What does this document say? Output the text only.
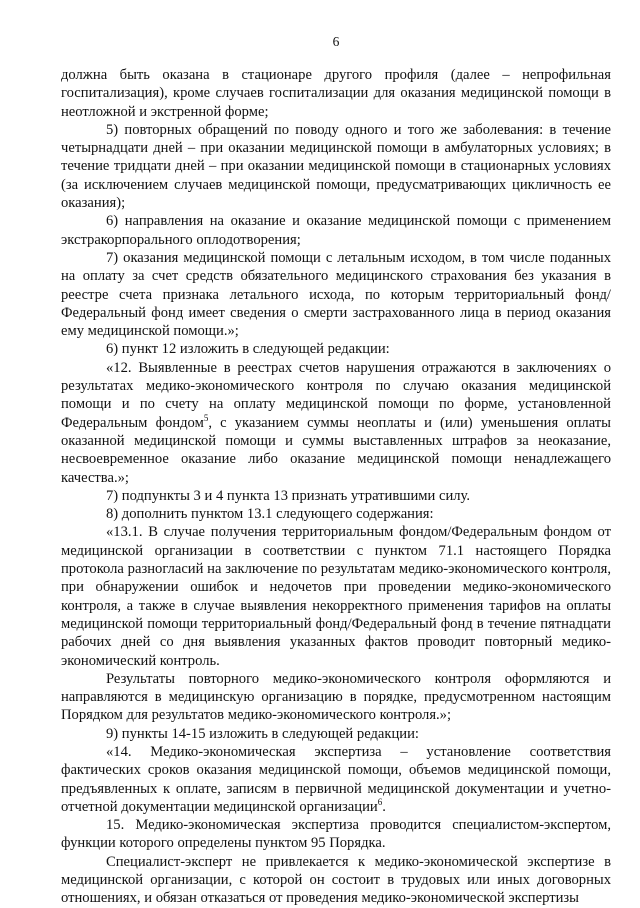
6

должна быть оказана в стационаре другого профиля (далее – непрофильная госпитализация), кроме случаев госпитализации для оказания медицинской помощи в неотложной и экстренной форме;

5) повторных обращений по поводу одного и того же заболевания: в течение четырнадцати дней – при оказании медицинской помощи в амбулаторных условиях; в течение тридцати дней – при оказании медицинской помощи в стационарных условиях (за исключением случаев медицинской помощи, предусматривающих цикличность ее оказания);

6) направления на оказание и оказание медицинской помощи с применением экстракорпорального оплодотворения;

7) оказания медицинской помощи с летальным исходом, в том числе поданных на оплату за счет средств обязательного медицинского страхования без указания в реестре счета признака летального исхода, по которым территориальный фонд/Федеральный фонд имеет сведения о смерти застрахованного лица в период оказания ему медицинской помощи.»;

6) пункт 12 изложить в следующей редакции:

«12. Выявленные в реестрах счетов нарушения отражаются в заключениях о результатах медико-экономического контроля по случаю оказания медицинской помощи и по счету на оплату медицинской помощи по форме, установленной Федеральным фондом$^5$, с указанием суммы неоплаты и (или) уменьшения оплаты оказанной медицинской помощи и суммы выставленных штрафов за неоказание, несвоевременное оказание либо оказание медицинской помощи ненадлежащего качества.»;

7) подпункты 3 и 4 пункта 13 признать утратившими силу.

8) дополнить пунктом 13.1 следующего содержания:

«13.1. В случае получения территориальным фондом/Федеральным фондом от медицинской организации в соответствии с пунктом 71.1 настоящего Порядка протокола разногласий на заключение по результатам медико-экономического контроля, при обнаружении ошибок и недочетов при проведении медико-экономического контроля, а также в случае выявления некорректного применения тарифов на оплаты медицинской помощи территориальный фонд/Федеральный фонд в течение пятнадцати рабочих дней со дня выявления указанных фактов проводит повторный медико-экономический контроль.

Результаты повторного медико-экономического контроля оформляются и направляются в медицинскую организацию в порядке, предусмотренном настоящим Порядком для результатов медико-экономического контроля.»;

9) пункты 14-15 изложить в следующей редакции:

«14. Медико-экономическая экспертиза – установление соответствия фактических сроков оказания медицинской помощи, объемов медицинской помощи, предъявленных к оплате, записям в первичной медицинской документации и учетно-отчетной документации медицинской организации$^6$.

15. Медико-экономическая экспертиза проводится специалистом-экспертом, функции которого определены пунктом 95 Порядка.

Специалист-эксперт не привлекается к медико-экономической экспертизе в медицинской организации, с которой он состоит в трудовых или иных договорных отношениях, и обязан отказаться от проведения медико-экономической экспертизы
